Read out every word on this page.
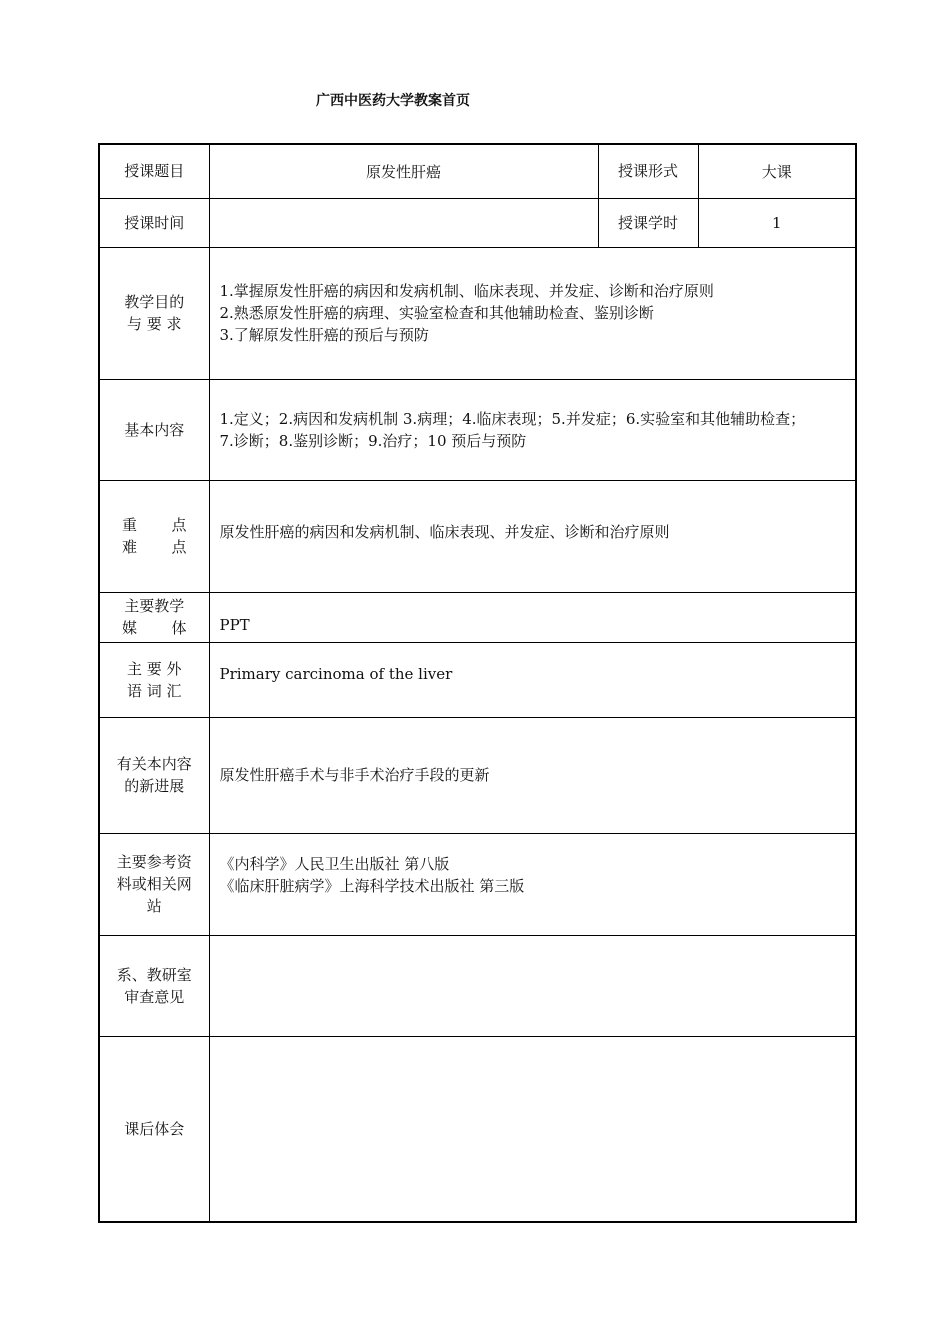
广西中医药大学教案首页
授课题目	原发性肝癌	授课形式	大课
授课时间		授课学时	1

教学目的
与 要 求	1.掌握原发性肝癌的病因和发病机制、临床表现、并发症、诊断和治疗原则
2.熟悉原发性肝癌的病理、实验室检查和其他辅助检查、鉴别诊断
3.了解原发性肝癌的预后与预防		

基本内容	1.定义；2.病因和发病机制 3.病理；4.临床表现；5.并发症；6.实验室和其他辅助检查；
7.诊断；8.鉴别诊断；9.治疗；10 预后与预防		

重点
难点	原发性肝癌的病因和发病机制、临床表现、并发症、诊断和治疗原则		

主要教学
媒体	PPT		

主 要 外
语 词 汇	Primary carcinoma of the liver		

有关本内容
的新进展	原发性肝癌手术与非手术治疗手段的更新		

主要参考资
料或相关网
站	《内科学》人民卫生出版社 第八版
《临床肝脏病学》上海科学技术出版社 第三版		

系、教研室
审查意见			

课后体会			
